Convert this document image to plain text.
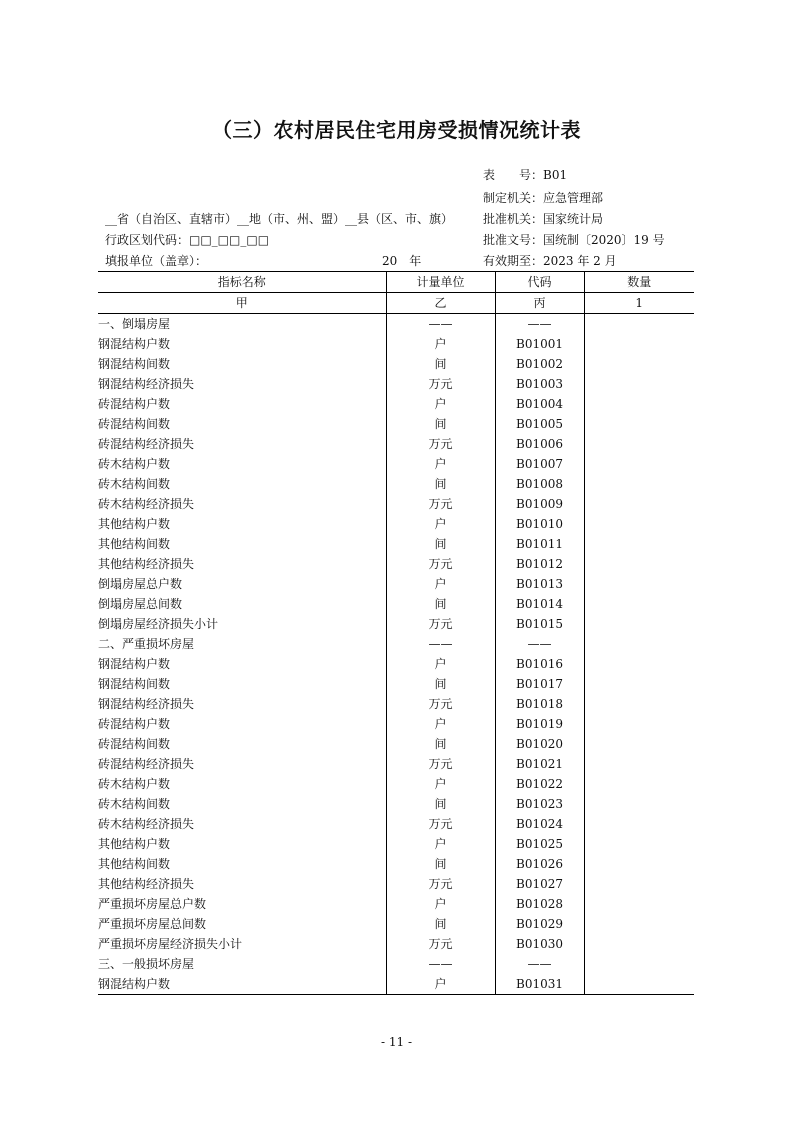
（三）农村居民住宅用房受损情况统计表
表　　号：B01
制定机关：应急管理部
批准机关：国家统计局
批准文号：国统制〔2020〕19 号
有效期至：2023 年 2 月
__省（自治区、直辖市）__地（市、州、盟）__县（区、市、旗）
行政区划代码：□□_□□_□□
填报单位（盖章）：	20　年
指标名称	计量单位	代码	数量
甲	乙	丙	1
一、倒塌房屋	——	——	
钢混结构户数	户	B01001	
钢混结构间数	间	B01002	
钢混结构经济损失	万元	B01003	
砖混结构户数	户	B01004	
砖混结构间数	间	B01005	
砖混结构经济损失	万元	B01006	
砖木结构户数	户	B01007	
砖木结构间数	间	B01008	
砖木结构经济损失	万元	B01009	
其他结构户数	户	B01010	
其他结构间数	间	B01011	
其他结构经济损失	万元	B01012	
倒塌房屋总户数	户	B01013	
倒塌房屋总间数	间	B01014	
倒塌房屋经济损失小计	万元	B01015	
二、严重损坏房屋	——	——	
钢混结构户数	户	B01016	
钢混结构间数	间	B01017	
钢混结构经济损失	万元	B01018	
砖混结构户数	户	B01019	
砖混结构间数	间	B01020	
砖混结构经济损失	万元	B01021	
砖木结构户数	户	B01022	
砖木结构间数	间	B01023	
砖木结构经济损失	万元	B01024	
其他结构户数	户	B01025	
其他结构间数	间	B01026	
其他结构经济损失	万元	B01027	
严重损坏房屋总户数	户	B01028	
严重损坏房屋总间数	间	B01029	
严重损坏房屋经济损失小计	万元	B01030	
三、一般损坏房屋	——	——	
钢混结构户数	户	B01031	
- 11 -
